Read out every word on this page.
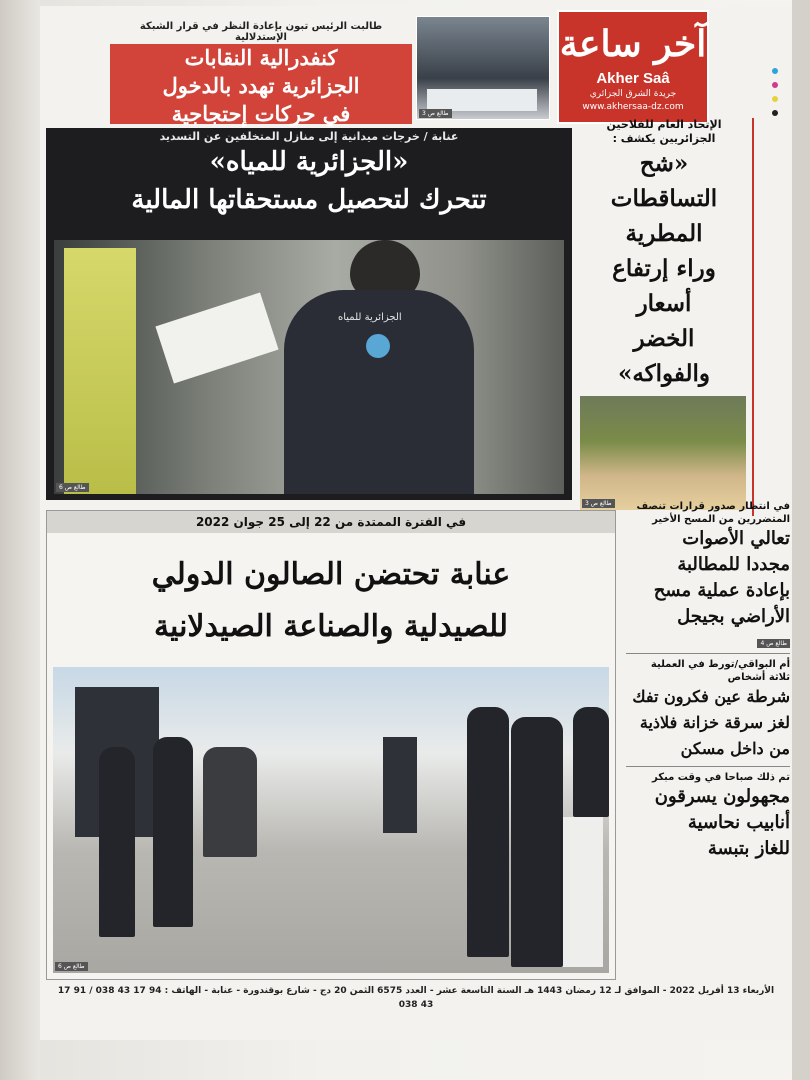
آخر ساعة
Akher Saâ
جريدة الشرق الجزائري
www.akhersaa-dz.com
طالع ص 3
طالبت الرئيس تبون بإعادة النظر في قرار الشبكة الإستدلالية
كنفدرالية النقابات
الجزائرية تهدد بالدخول
في حركات إحتجاجية	الإتحاد العام للفلاحين
الجزائريين يكشف :
«شح
التساقطات
المطرية
وراء إرتفاع
أسعار
الخضر
والفواكه»
طالع ص 3
عنابة / خرجات ميدانية إلى منازل المتخلفين عن التسديد
«الجزائرية للمياه»
تتحرك لتحصيل مستحقاتها المالية
الجزائرية للمياه
طالع ص 6
في الفترة الممتدة من 22 إلى 25 جوان 2022
عنابة تحتضن الصالون الدولي
للصيدلية والصناعة الصيدلانية
طالع ص 6
في انتظار صدور قرارات تنصف
المتضررين من المسح الأخير
تعالي الأصوات
مجددا للمطالبة
بإعادة عملية مسح
الأراضي بجيجل
طالع ص 4
أم البواقي/تورط في العملية
ثلاثة أشخاص
شرطة عين فكرون تفك
لغز سرقة خزانة فلاذية
من داخل مسكن
تم ذلك صباحا في وقت مبكر
مجهولون يسرقون
أنابيب نحاسية
للغاز بتبسة
الأربعاء 13 أفريل 2022 - الموافق لـ 12 رمضان 1443 هـ السنة التاسعة عشر - العدد 6575 الثمن 20 دج - شارع بوقندورة - عنابة - الهاتف : 94 17 43 038 / 91 17 43 038
